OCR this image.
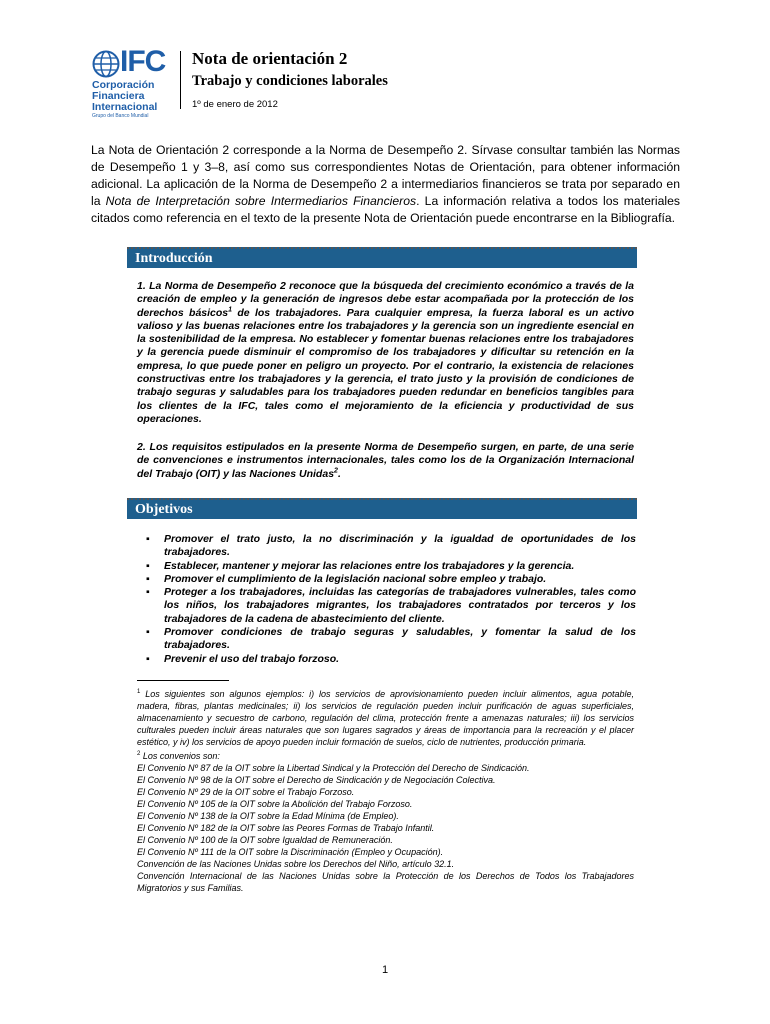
IFC
Corporación
Financiera
Internacional
Grupo del Banco Mundial
Nota de orientación 2
Trabajo y condiciones laborales
1º de enero de 2012
La Nota de Orientación 2 corresponde a la Norma de Desempeño 2. Sírvase consultar también las Normas de Desempeño 1 y 3–8, así como sus correspondientes Notas de Orientación, para obtener información adicional. La aplicación de la Norma de Desempeño 2 a intermediarios financieros se trata por separado en la Nota de Interpretación sobre Intermediarios Financieros. La información relativa a todos los materiales citados como referencia en el texto de la presente Nota de Orientación puede encontrarse en la Bibliografía.
Introducción
1. La Norma de Desempeño 2 reconoce que la búsqueda del crecimiento económico a través de la creación de empleo y la generación de ingresos debe estar acompañada por la protección de los derechos básicos$^1$ de los trabajadores. Para cualquier empresa, la fuerza laboral es un activo valioso y las buenas relaciones entre los trabajadores y la gerencia son un ingrediente esencial en la sostenibilidad de la empresa. No establecer y fomentar buenas relaciones entre los trabajadores y la gerencia puede disminuir el compromiso de los trabajadores y dificultar su retención en la empresa, lo que puede poner en peligro un proyecto. Por el contrario, la existencia de relaciones constructivas entre los trabajadores y la gerencia, el trato justo y la provisión de condiciones de trabajo seguras y saludables para los trabajadores pueden redundar en beneficios tangibles para los clientes de la IFC, tales como el mejoramiento de la eficiencia y productividad de sus operaciones.
2. Los requisitos estipulados en la presente Norma de Desempeño surgen, en parte, de una serie de convenciones e instrumentos internacionales, tales como los de la Organización Internacional del Trabajo (OIT) y las Naciones Unidas$^2$.
Objetivos
▪ Promover el trato justo, la no discriminación y la igualdad de oportunidades de los trabajadores.
▪ Establecer, mantener y mejorar las relaciones entre los trabajadores y la gerencia.
▪ Promover el cumplimiento de la legislación nacional sobre empleo y trabajo.
▪ Proteger a los trabajadores, incluidas las categorías de trabajadores vulnerables, tales como los niños, los trabajadores migrantes, los trabajadores contratados por terceros y los trabajadores de la cadena de abastecimiento del cliente.
▪ Promover condiciones de trabajo seguras y saludables, y fomentar la salud de los trabajadores.
▪ Prevenir el uso del trabajo forzoso.

$^1$ Los siguientes son algunos ejemplos: i) los servicios de aprovisionamiento pueden incluir alimentos, agua potable, madera, fibras, plantas medicinales; ii) los servicios de regulación pueden incluir purificación de aguas superficiales, almacenamiento y secuestro de carbono, regulación del clima, protección frente a amenazas naturales; iii) los servicios culturales pueden incluir áreas naturales que son lugares sagrados y áreas de importancia para la recreación y el placer estético, y iv) los servicios de apoyo pueden incluir formación de suelos, ciclo de nutrientes, producción primaria.

$^2$ Los convenios son:

El Convenio Nº 87 de la OIT sobre la Libertad Sindical y la Protección del Derecho de Sindicación.

El Convenio Nº 98 de la OIT sobre el Derecho de Sindicación y de Negociación Colectiva.

El Convenio Nº 29 de la OIT sobre el Trabajo Forzoso.

El Convenio Nº 105 de la OIT sobre la Abolición del Trabajo Forzoso.

El Convenio Nº 138 de la OIT sobre la Edad Mínima (de Empleo).

El Convenio Nº 182 de la OIT sobre las Peores Formas de Trabajo Infantil.

El Convenio Nº 100 de la OIT sobre Igualdad de Remuneración.

El Convenio Nº 111 de la OIT sobre la Discriminación (Empleo y Ocupación).

Convención de las Naciones Unidas sobre los Derechos del Niño, artículo 32.1.

Convención Internacional de las Naciones Unidas sobre la Protección de los Derechos de Todos los Trabajadores Migratorios y sus Familias.

1
